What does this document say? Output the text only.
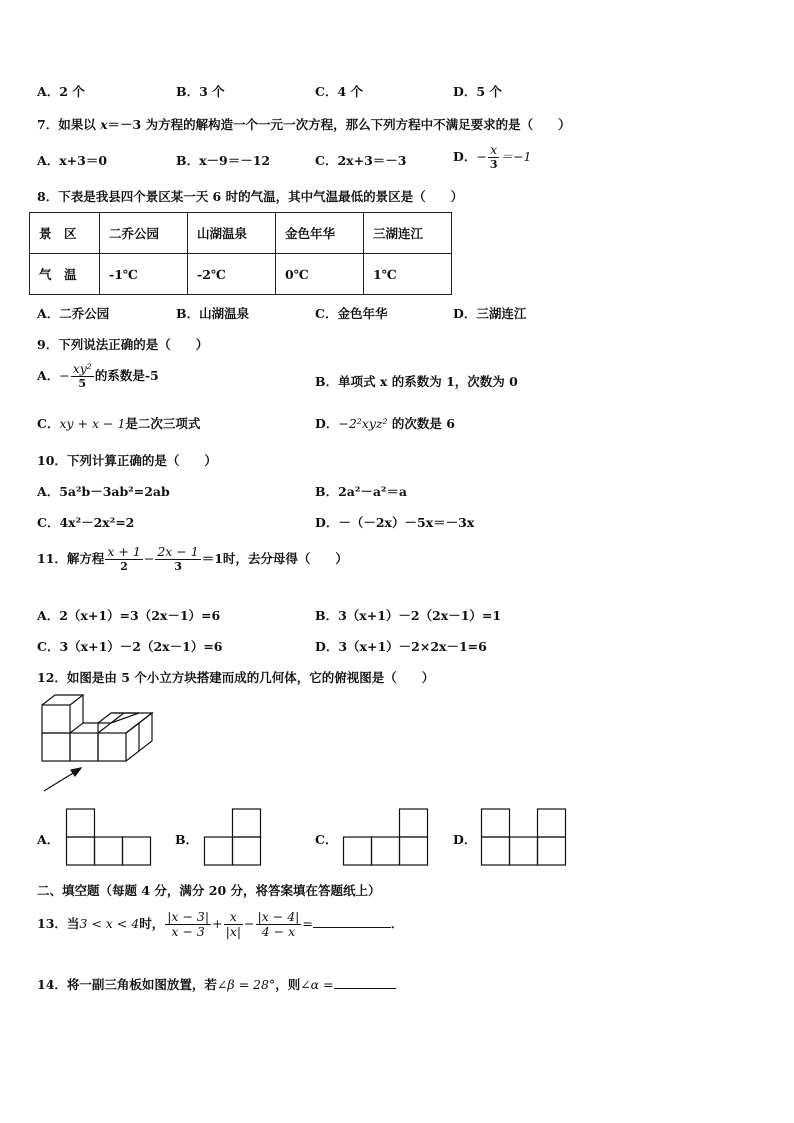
A．2 个	B．3 个	C．4 个	D．5 个
7．如果以 x＝－3 为方程的解构造一个一元一次方程，那么下列方程中不满足要求的是（　　）
A．x+3＝0	B．x－9＝－12	C．2x+3＝－3	D．− $\frac{x}{3} =-1$
8．下表是我县四个景区某一天 6 时的气温，其中气温最低的景区是（　　）
景　区	二乔公园	山湖温泉	金色年华	三湖连江
气　温	-1℃	-2℃	0℃	1℃
A．二乔公园	B．山湖温泉	C．金色年华	D．三湖连江
9．下列说法正确的是（　　）
A．− $\frac{\text{xy²}}{5}$ 的系数是-5	B．单项式 x 的系数为 1，次数为 0
C．xy + x − 1是二次三项式	D．−2²xyz² 的次数是 6
10．下列计算正确的是（　　）
A．5a²b－3ab²=2ab	B．2a²－a²＝a
C．4x²－2x²=2	D．－（－2x）－5x＝－3x
11．解方程 $\frac{x + 1}{2} - \frac{2x - 1}{3} =1$时，去分母得（　　）
A．2（x+1）=3（2x－1）=6	B．3（x+1）－2（2x－1）=1
C．3（x+1）－2（2x－1）=6	D．3（x+1）－2×2x－1=6
12．如图是由 5 个小立方块搭建而成的几何体，它的俯视图是（　　）
A．	B．	C．	D．
二、填空题（每题 4 分，满分 20 分，将答案填在答题纸上）
13．当3 < x < 4时， $\frac{|x - 3|}{x - 3} + \frac{x}{|x|} - \frac{|x - 4|}{4 - x}$ =	．
14．将一副三角板如图放置，若∠β = 28°，则∠α =
